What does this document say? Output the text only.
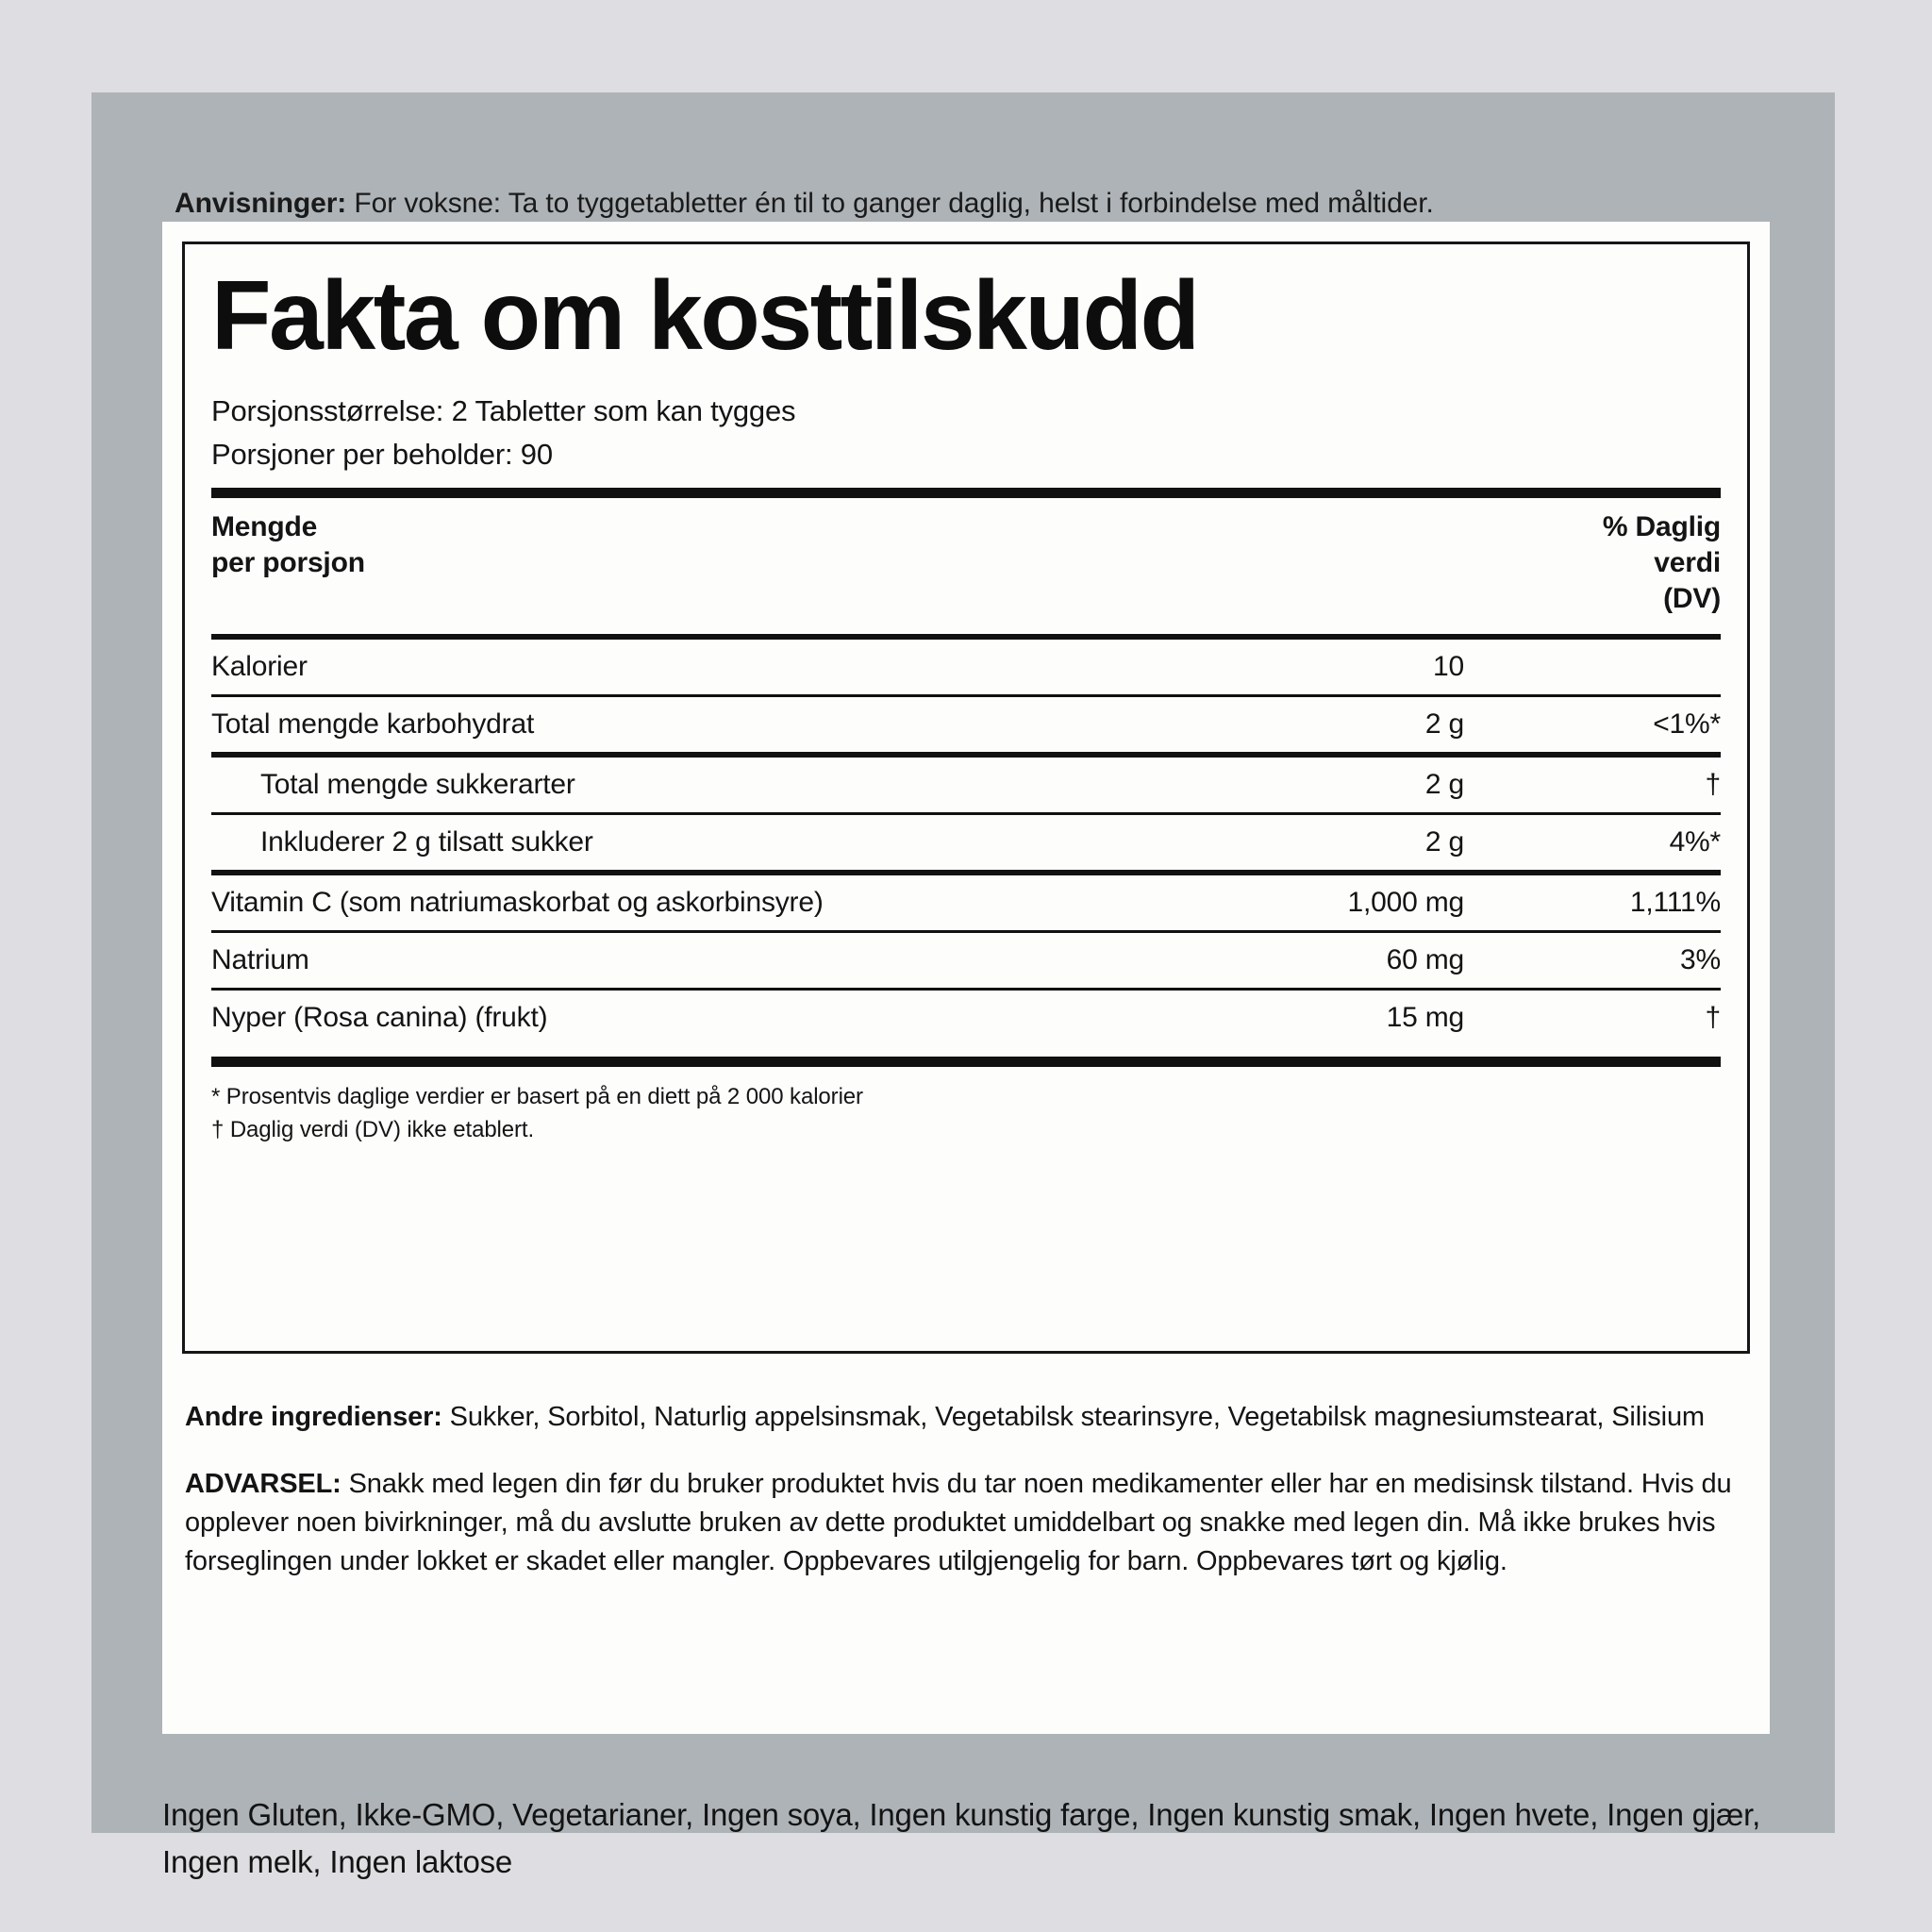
Anvisninger: For voksne: Ta to tyggetabletter én til to ganger daglig, helst i forbindelse med måltider.

Fakta om kosttilskudd
Porsjonsstørrelse: 2 Tabletter som kan tygges
Porsjoner per beholder: 90
Mengde
per porsjon		% Daglig
verdi
(DV)

Kalorier	10	

Total mengde karbohydrat	2 g	<1%*

Total mengde sukkerarter	2 g	†

Inkluderer 2 g tilsatt sukker	2 g	4%*

Vitamin C (som natriumaskorbat og askorbinsyre)	1,000 mg	1,111%

Natrium	60 mg	3%

Nyper (Rosa canina) (frukt)	15 mg	†
* Prosentvis daglige verdier er basert på en diett på 2 000 kalorier
† Daglig verdi (DV) ikke etablert.

Andre ingredienser: Sukker, Sorbitol, Naturlig appelsinsmak, Vegetabilsk stearinsyre, Vegetabilsk magnesiumstearat, Silisium

ADVARSEL: Snakk med legen din før du bruker produktet hvis du tar noen medikamenter eller har en medisinsk tilstand. Hvis du opplever noen bivirkninger, må du avslutte bruken av dette produktet umiddelbart og snakke med legen din. Må ikke brukes hvis forseglingen under lokket er skadet eller mangler. Oppbevares utilgjengelig for barn. Oppbevares tørt og kjølig.

Ingen Gluten, Ikke-GMO, Vegetarianer, Ingen soya, Ingen kunstig farge, Ingen kunstig smak, Ingen hvete, Ingen gjær, Ingen melk, Ingen laktose
